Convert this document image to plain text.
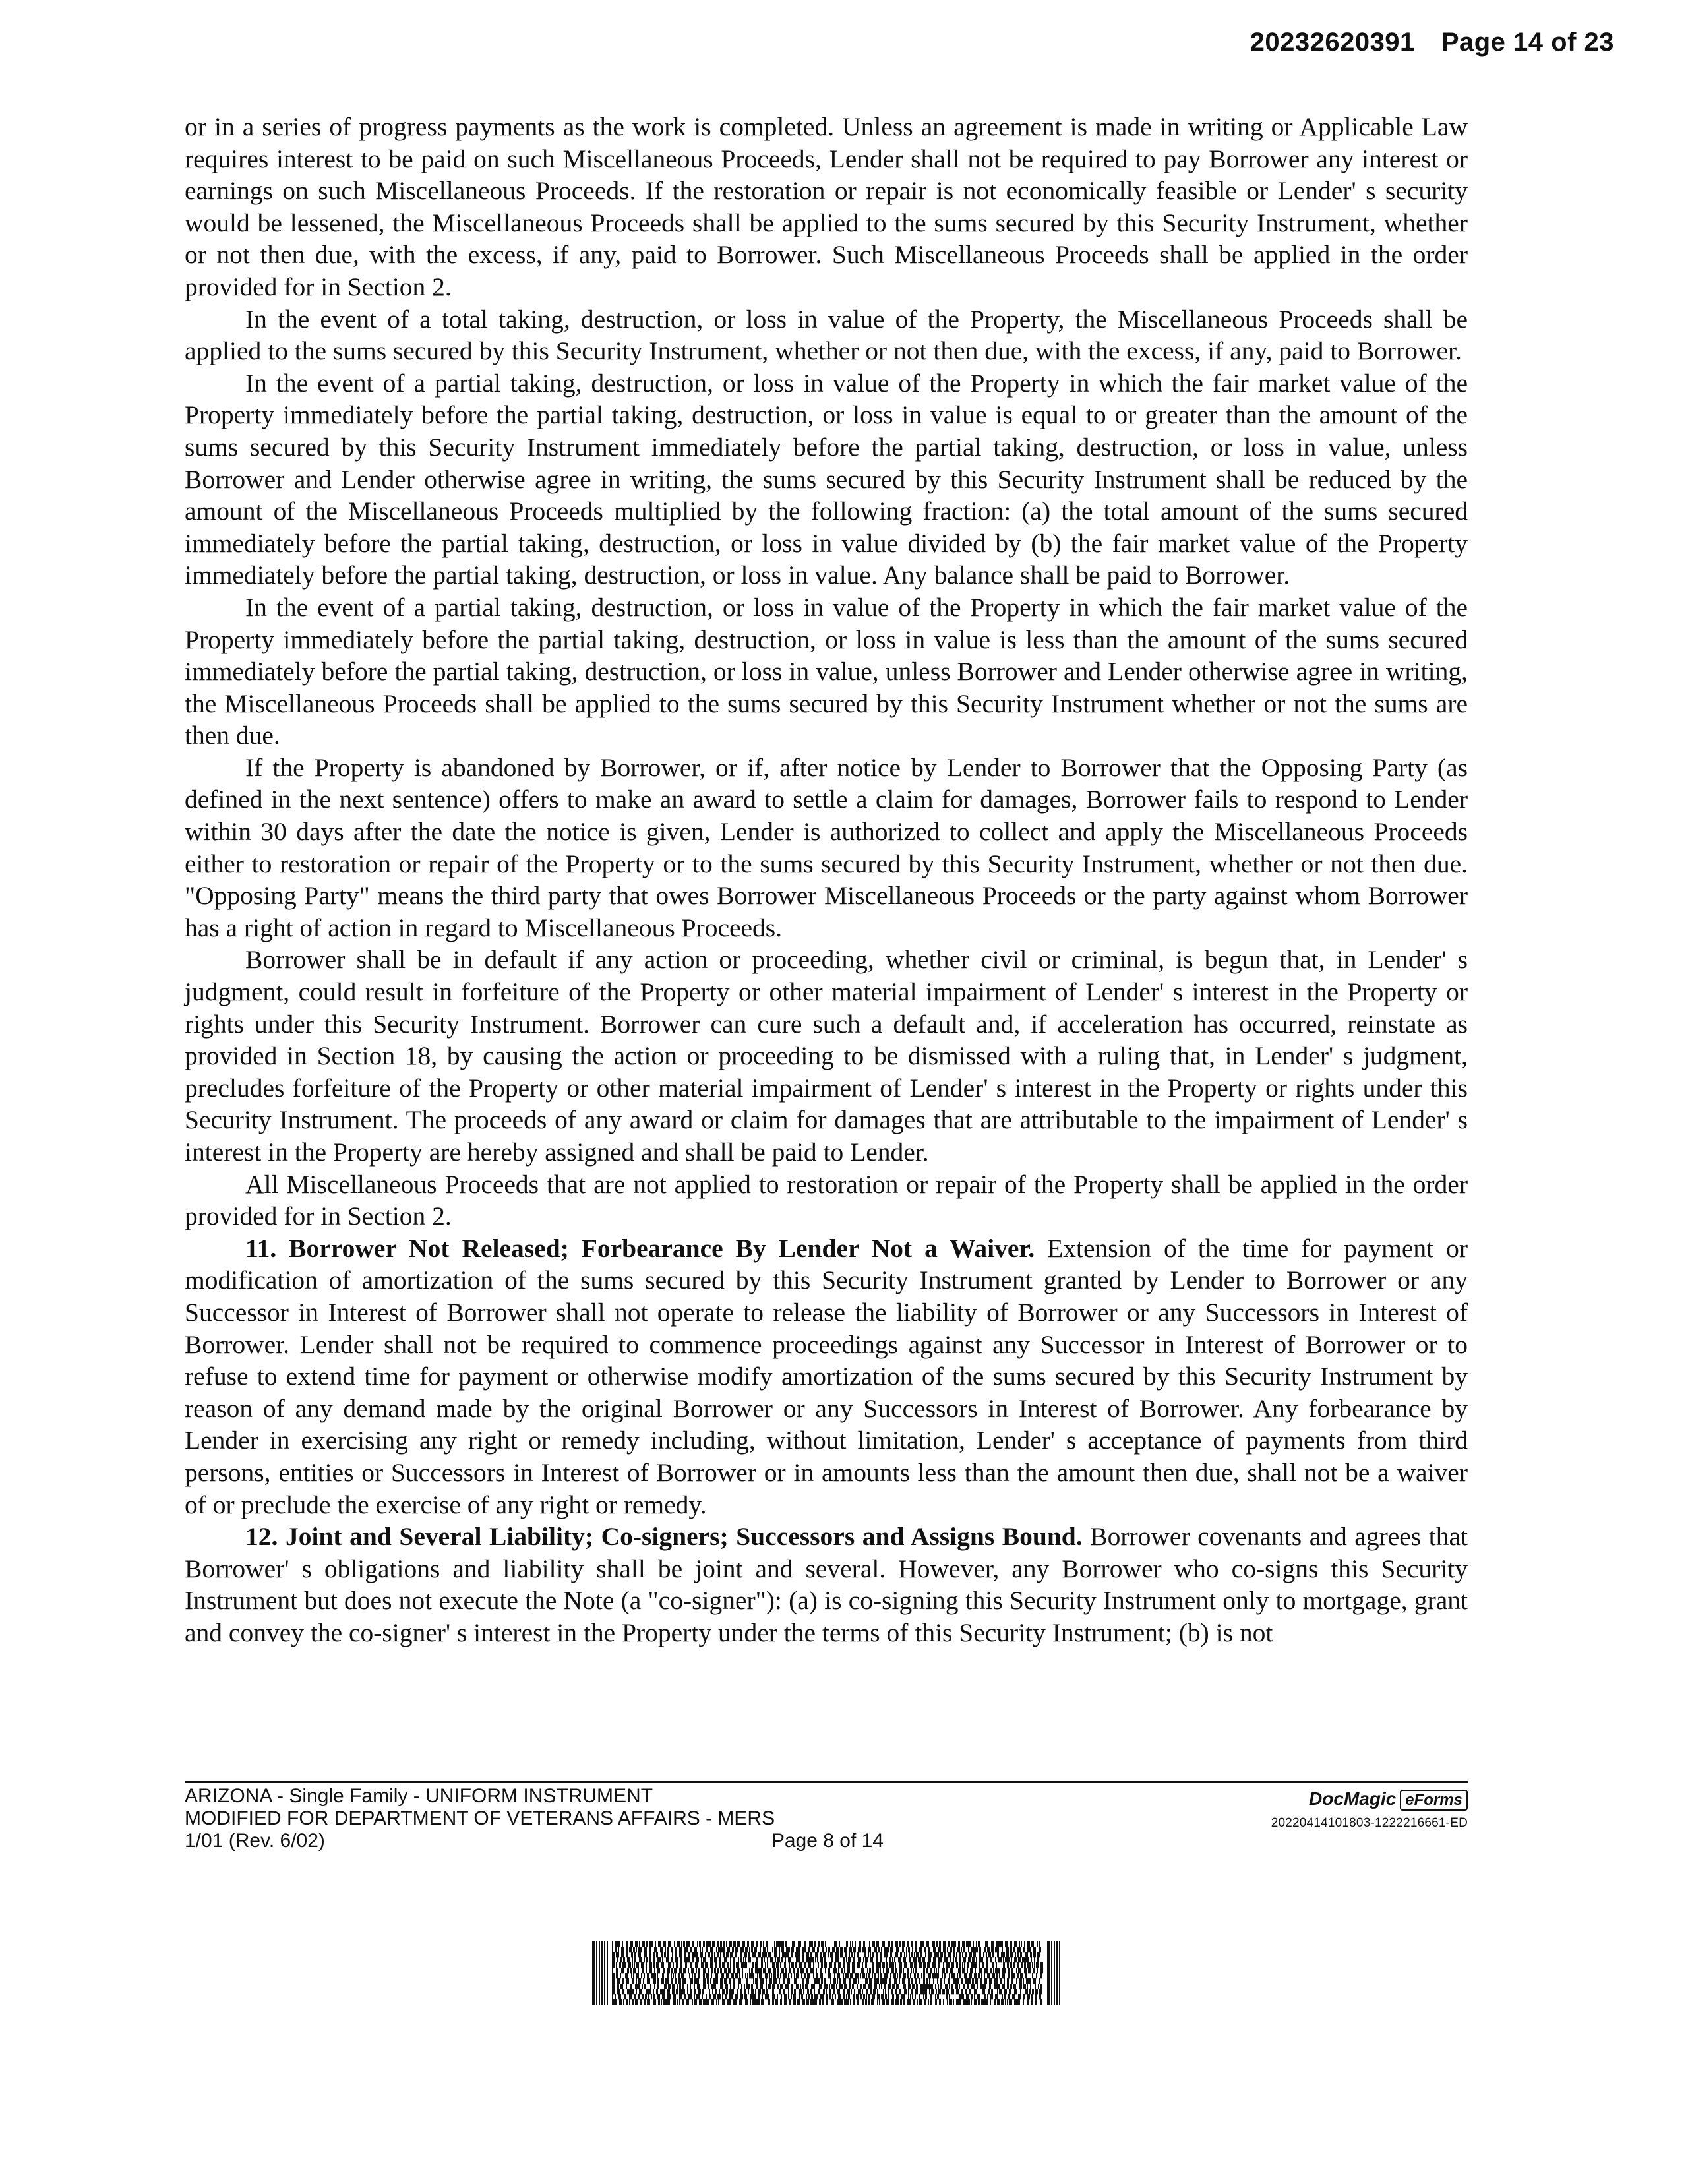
20232620391 Page 14 of 23

or in a series of progress payments as the work is completed. Unless an agreement is made in writing or Applicable Law requires interest to be paid on such Miscellaneous Proceeds, Lender shall not be required to pay Borrower any interest or earnings on such Miscellaneous Proceeds. If the restoration or repair is not economically feasible or Lender' s security would be lessened, the Miscellaneous Proceeds shall be applied to the sums secured by this Security Instrument, whether or not then due, with the excess, if any, paid to Borrower. Such Miscellaneous Proceeds shall be applied in the order provided for in Section 2.

In the event of a total taking, destruction, or loss in value of the Property, the Miscellaneous Proceeds shall be applied to the sums secured by this Security Instrument, whether or not then due, with the excess, if any, paid to Borrower.

In the event of a partial taking, destruction, or loss in value of the Property in which the fair market value of the Property immediately before the partial taking, destruction, or loss in value is equal to or greater than the amount of the sums secured by this Security Instrument immediately before the partial taking, destruction, or loss in value, unless Borrower and Lender otherwise agree in writing, the sums secured by this Security Instrument shall be reduced by the amount of the Miscellaneous Proceeds multiplied by the following fraction: (a) the total amount of the sums secured immediately before the partial taking, destruction, or loss in value divided by (b) the fair market value of the Property immediately before the partial taking, destruction, or loss in value. Any balance shall be paid to Borrower.

In the event of a partial taking, destruction, or loss in value of the Property in which the fair market value of the Property immediately before the partial taking, destruction, or loss in value is less than the amount of the sums secured immediately before the partial taking, destruction, or loss in value, unless Borrower and Lender otherwise agree in writing, the Miscellaneous Proceeds shall be applied to the sums secured by this Security Instrument whether or not the sums are then due.

If the Property is abandoned by Borrower, or if, after notice by Lender to Borrower that the Opposing Party (as defined in the next sentence) offers to make an award to settle a claim for damages, Borrower fails to respond to Lender within 30 days after the date the notice is given, Lender is authorized to collect and apply the Miscellaneous Proceeds either to restoration or repair of the Property or to the sums secured by this Security Instrument, whether or not then due. "Opposing Party" means the third party that owes Borrower Miscellaneous Proceeds or the party against whom Borrower has a right of action in regard to Miscellaneous Proceeds.

Borrower shall be in default if any action or proceeding, whether civil or criminal, is begun that, in Lender' s judgment, could result in forfeiture of the Property or other material impairment of Lender' s interest in the Property or rights under this Security Instrument. Borrower can cure such a default and, if acceleration has occurred, reinstate as provided in Section 18, by causing the action or proceeding to be dismissed with a ruling that, in Lender' s judgment, precludes forfeiture of the Property or other material impairment of Lender' s interest in the Property or rights under this Security Instrument. The proceeds of any award or claim for damages that are attributable to the impairment of Lender' s interest in the Property are hereby assigned and shall be paid to Lender.

All Miscellaneous Proceeds that are not applied to restoration or repair of the Property shall be applied in the order provided for in Section 2.

11. Borrower Not Released; Forbearance By Lender Not a Waiver. Extension of the time for payment or modification of amortization of the sums secured by this Security Instrument granted by Lender to Borrower or any Successor in Interest of Borrower shall not operate to release the liability of Borrower or any Successors in Interest of Borrower. Lender shall not be required to commence proceedings against any Successor in Interest of Borrower or to refuse to extend time for payment or otherwise modify amortization of the sums secured by this Security Instrument by reason of any demand made by the original Borrower or any Successors in Interest of Borrower. Any forbearance by Lender in exercising any right or remedy including, without limitation, Lender' s acceptance of payments from third persons, entities or Successors in Interest of Borrower or in amounts less than the amount then due, shall not be a waiver of or preclude the exercise of any right or remedy.

12. Joint and Several Liability; Co-signers; Successors and Assigns Bound. Borrower covenants and agrees that Borrower' s obligations and liability shall be joint and several. However, any Borrower who co-signs this Security Instrument but does not execute the Note (a "co-signer"): (a) is co-signing this Security Instrument only to mortgage, grant and convey the co-signer' s interest in the Property under the terms of this Security Instrument; (b) is not

ARIZONA - Single Family - UNIFORM INSTRUMENT
MODIFIED FOR DEPARTMENT OF VETERANS AFFAIRS - MERS
1/01 (Rev. 6/02)	Page 8 of 14
DocMagic eForms
20220414101803-1222216661-ED
